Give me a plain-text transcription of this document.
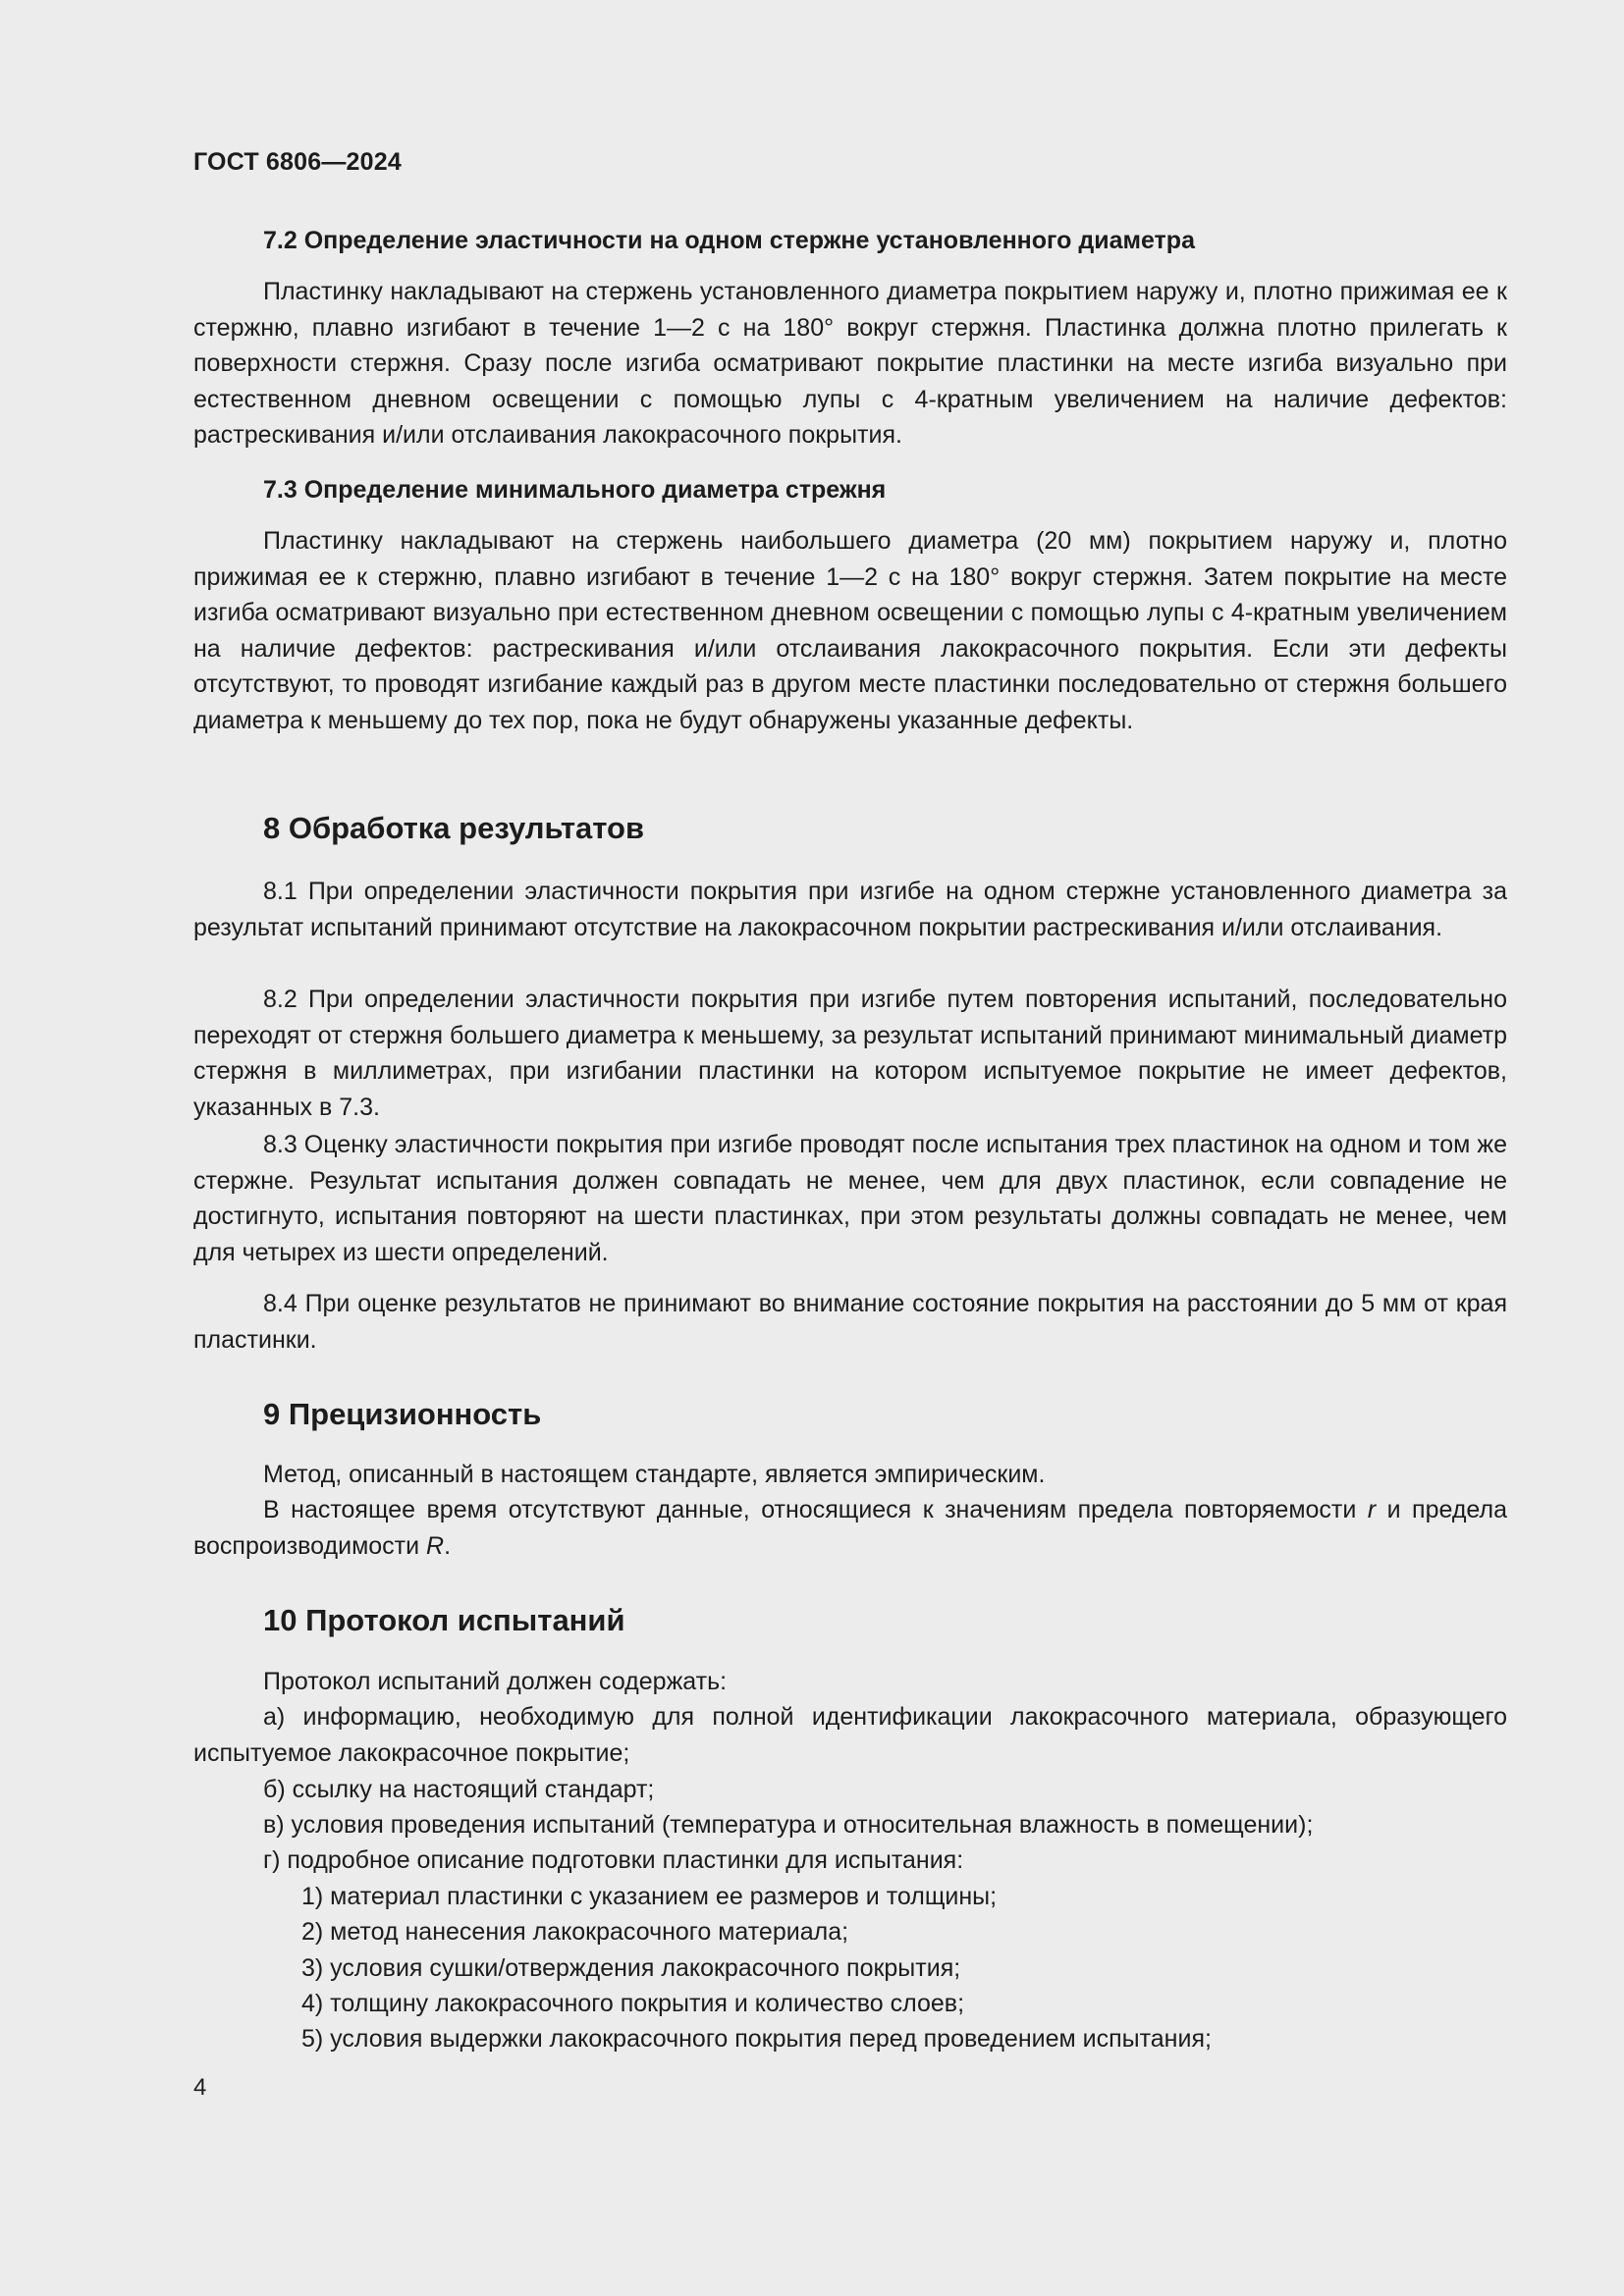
ГОСТ 6806—2024
7.2 Определение эластичности на одном стержне установленного диаметра

Пластинку накладывают на стержень установленного диаметра покрытием наружу и, плотно прижимая ее к стержню, плавно изгибают в течение 1—2 с на 180° вокруг стержня. Пластинка должна плотно прилегать к поверхности стержня. Сразу после изгиба осматривают покрытие пластинки на месте изгиба визуально при естественном дневном освещении с помощью лупы с 4-кратным увеличением на наличие дефектов: растрескивания и/или отслаивания лакокрасочного покрытия.

7.3 Определение минимального диаметра стрежня

Пластинку накладывают на стержень наибольшего диаметра (20 мм) покрытием наружу и, плотно прижимая ее к стержню, плавно изгибают в течение 1—2 с на 180° вокруг стержня. Затем покрытие на месте изгиба осматривают визуально при естественном дневном освещении с помощью лупы с 4-кратным увеличением на наличие дефектов: растрескивания и/или отслаивания лакокрасочного покрытия. Если эти дефекты отсутствуют, то проводят изгибание каждый раз в другом месте пластинки последовательно от стержня большего диаметра к меньшему до тех пор, пока не будут обнаружены указанные дефекты.

8 Обработка результатов

8.1 При определении эластичности покрытия при изгибе на одном стержне установленного диаметра за результат испытаний принимают отсутствие на лакокрасочном покрытии растрескивания и/или отслаивания.

8.2 При определении эластичности покрытия при изгибе путем повторения испытаний, последовательно переходят от стержня большего диаметра к меньшему, за результат испытаний принимают минимальный диаметр стержня в миллиметрах, при изгибании пластинки на котором испытуемое покрытие не имеет дефектов, указанных в 7.3.

8.3 Оценку эластичности покрытия при изгибе проводят после испытания трех пластинок на одном и том же стержне. Результат испытания должен совпадать не менее, чем для двух пластинок, если совпадение не достигнуто, испытания повторяют на шести пластинках, при этом результаты должны совпадать не менее, чем для четырех из шести определений.

8.4 При оценке результатов не принимают во внимание состояние покрытия на расстоянии до 5 мм от края пластинки.

9 Прецизионность
Метод, описанный в настоящем стандарте, является эмпирическим.

В настоящее время отсутствуют данные, относящиеся к значениям предела повторяемости r и предела воспроизводимости R.

10 Протокол испытаний
Протокол испытаний должен содержать:

а) информацию, необходимую для полной идентификации лакокрасочного материала, образующего испытуемое лакокрасочное покрытие;

б) ссылку на настоящий стандарт;
в) условия проведения испытаний (температура и относительная влажность в помещении);
г) подробное описание подготовки пластинки для испытания:
1) материал пластинки с указанием ее размеров и толщины;
2) метод нанесения лакокрасочного материала;
3) условия сушки/отверждения лакокрасочного покрытия;
4) толщину лакокрасочного покрытия и количество слоев;
5) условия выдержки лакокрасочного покрытия перед проведением испытания;
4
